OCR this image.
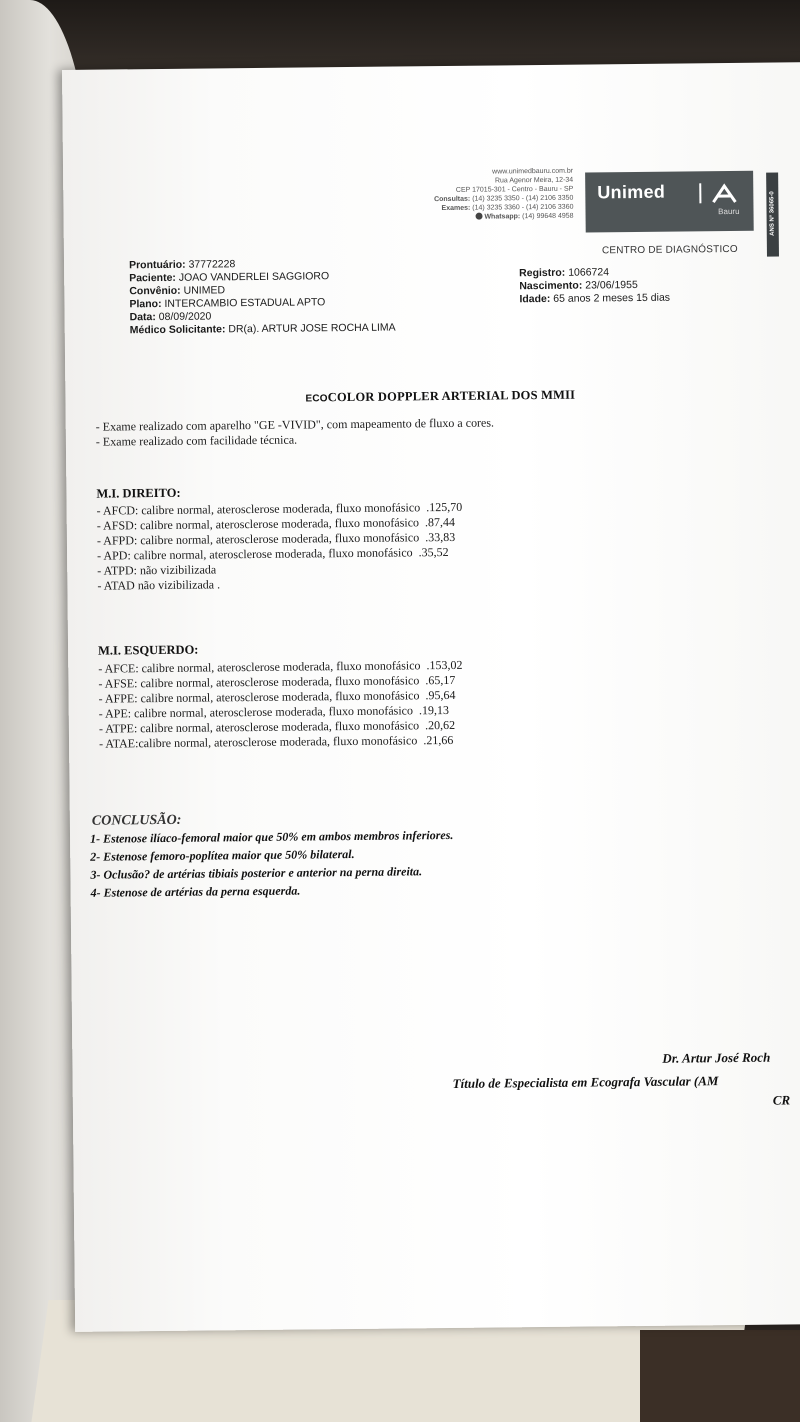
www.unimedbauru.com.br
Rua Agenor Meira, 12-34
CEP 17015-301 - Centro - Bauru - SP
Consultas: (14) 3235 3350 - (14) 2106 3350
Exames: (14) 3235 3360 - (14) 2106 3360
Whatsapp: (14) 99648 4958
Unimed
Bauru	ANS Nº 36065-0
CENTRO DE DIAGNÓSTICO
Prontuário: 37772228
Paciente: JOAO VANDERLEI SAGGIORO
Convênio: UNIMED
Plano: INTERCAMBIO ESTADUAL APTO
Data: 08/09/2020
Médico Solicitante: DR(a). ARTUR JOSE ROCHA LIMA
Registro: 1066724
Nascimento: 23/06/1955
Idade: 65 anos 2 meses 15 dias
ECOCOLOR DOPPLER ARTERIAL DOS MMII
- Exame realizado com aparelho "GE -VIVID", com mapeamento de fluxo a cores.
- Exame realizado com facilidade técnica.
M.I. DIREITO:
- AFCD: calibre normal, aterosclerose moderada, fluxo monofásico .125,70
- AFSD: calibre normal, aterosclerose moderada, fluxo monofásico .87,44
- AFPD: calibre normal, aterosclerose moderada, fluxo monofásico .33,83
- APD: calibre normal, aterosclerose moderada, fluxo monofásico .35,52
- ATPD: não vizibilizada
- ATAD não vizibilizada .
M.I. ESQUERDO:
- AFCE: calibre normal, aterosclerose moderada, fluxo monofásico .153,02
- AFSE: calibre normal, aterosclerose moderada, fluxo monofásico .65,17
- AFPE: calibre normal, aterosclerose moderada, fluxo monofásico .95,64
- APE: calibre normal, aterosclerose moderada, fluxo monofásico .19,13
- ATPE: calibre normal, aterosclerose moderada, fluxo monofásico .20,62
- ATAE:calibre normal, aterosclerose moderada, fluxo monofásico .21,66
CONCLUSÃO:
1- Estenose ilíaco-femoral maior que 50% em ambos membros inferiores.
2- Estenose femoro-poplítea maior que 50% bilateral.
3- Oclusão? de artérias tibiais posterior e anterior na perna direita.
4- Estenose de artérias da perna esquerda.
Dr. Artur José Roch
Título de Especialista em Ecografa Vascular (AM
CR
